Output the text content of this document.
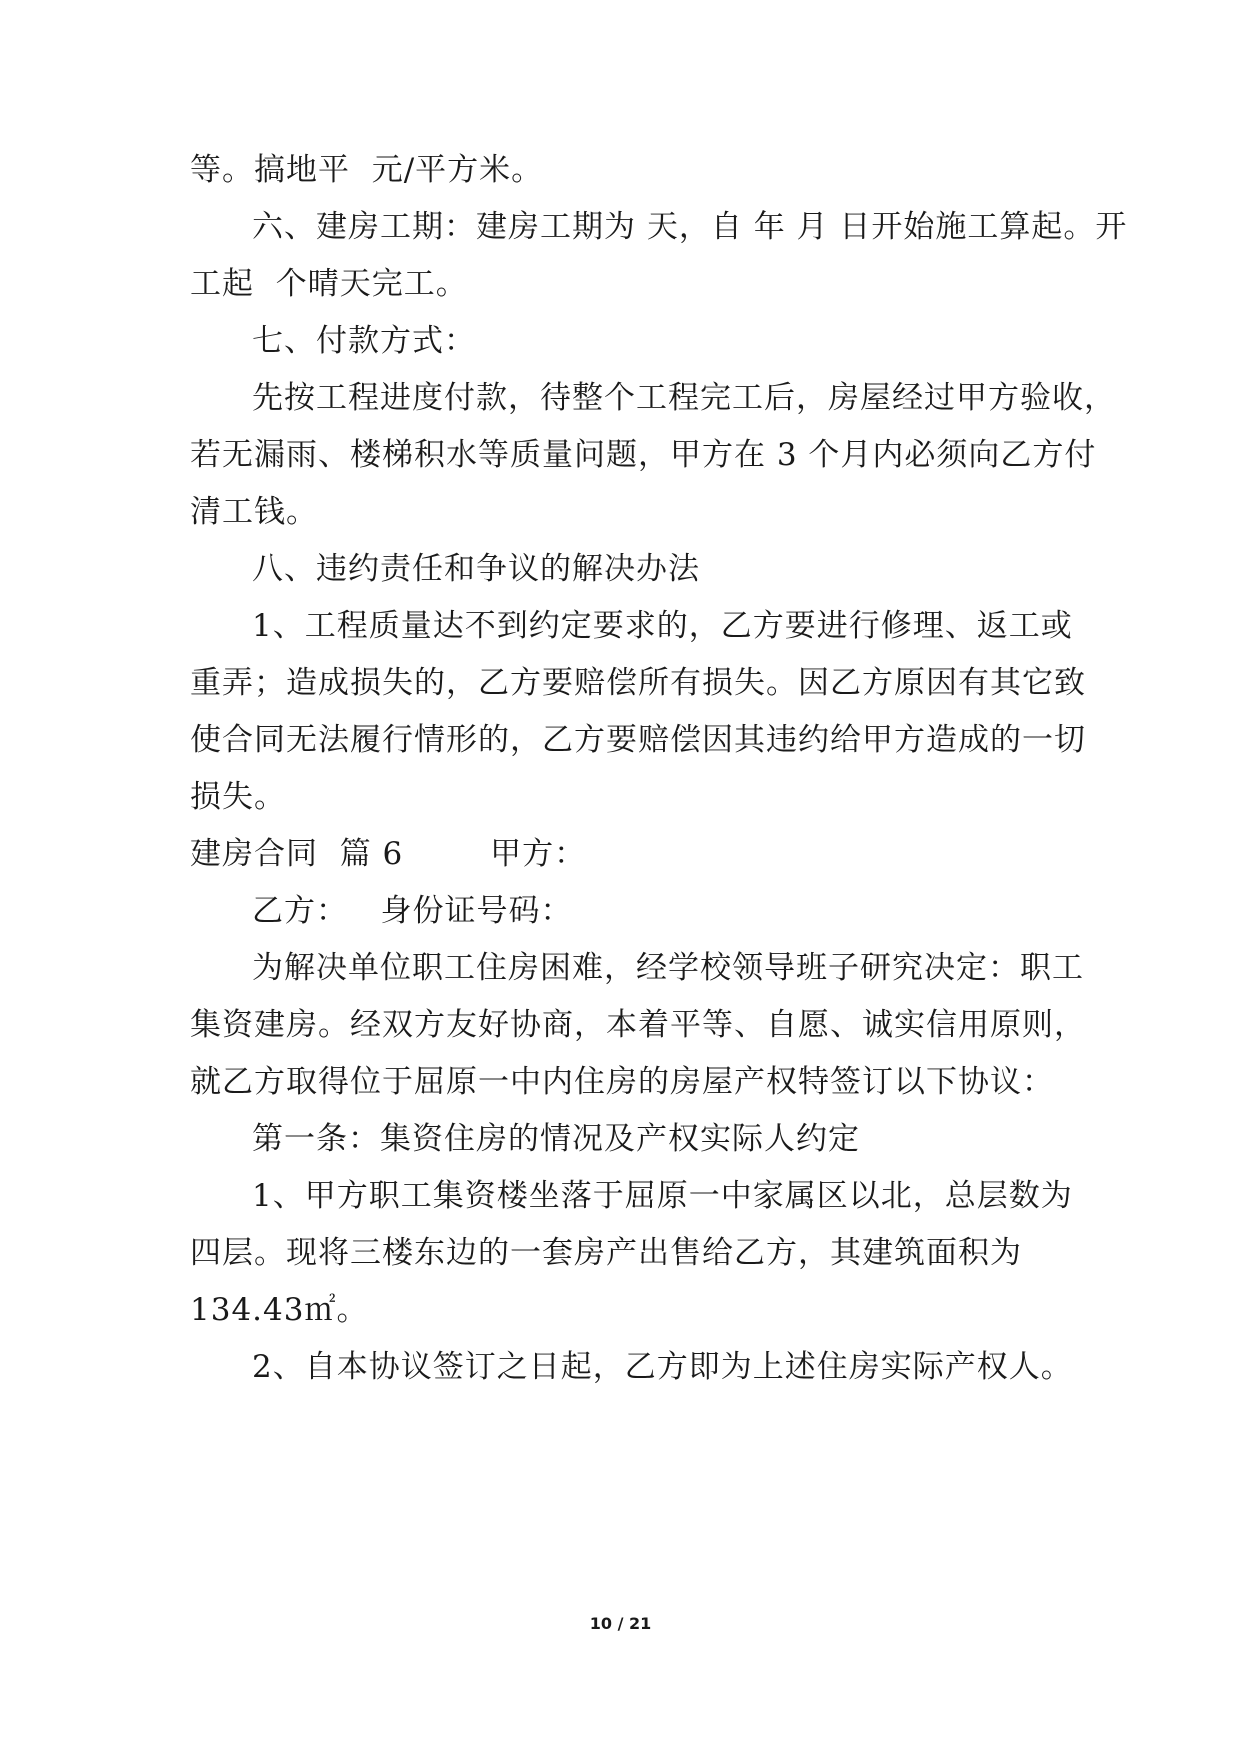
等。搞地平  元/平方米。
六、建房工期：建房工期为 天，自 年 月 日开始施工算起。开
工起  个晴天完工。
七、付款方式：
先按工程进度付款，待整个工程完工后，房屋经过甲方验收，
若无漏雨、楼梯积水等质量问题，甲方在 3 个月内必须向乙方付
清工钱。
八、违约责任和争议的解决办法
1、工程质量达不到约定要求的，乙方要进行修理、返工或
重弄；造成损失的，乙方要赔偿所有损失。因乙方原因有其它致
使合同无法履行情形的，乙方要赔偿因其违约给甲方造成的一切
损失。
建房合同  篇 6        甲方：
乙方：   身份证号码：
为解决单位职工住房困难，经学校领导班子研究决定：职工
集资建房。经双方友好协商，本着平等、自愿、诚实信用原则，
就乙方取得位于屈原一中内住房的房屋产权特签订以下协议：
第一条：集资住房的情况及产权实际人约定
1、甲方职工集资楼坐落于屈原一中家属区以北，总层数为
四层。现将三楼东边的一套房产出售给乙方，其建筑面积为
134.43㎡。
2、自本协议签订之日起，乙方即为上述住房实际产权人。
10 / 21
